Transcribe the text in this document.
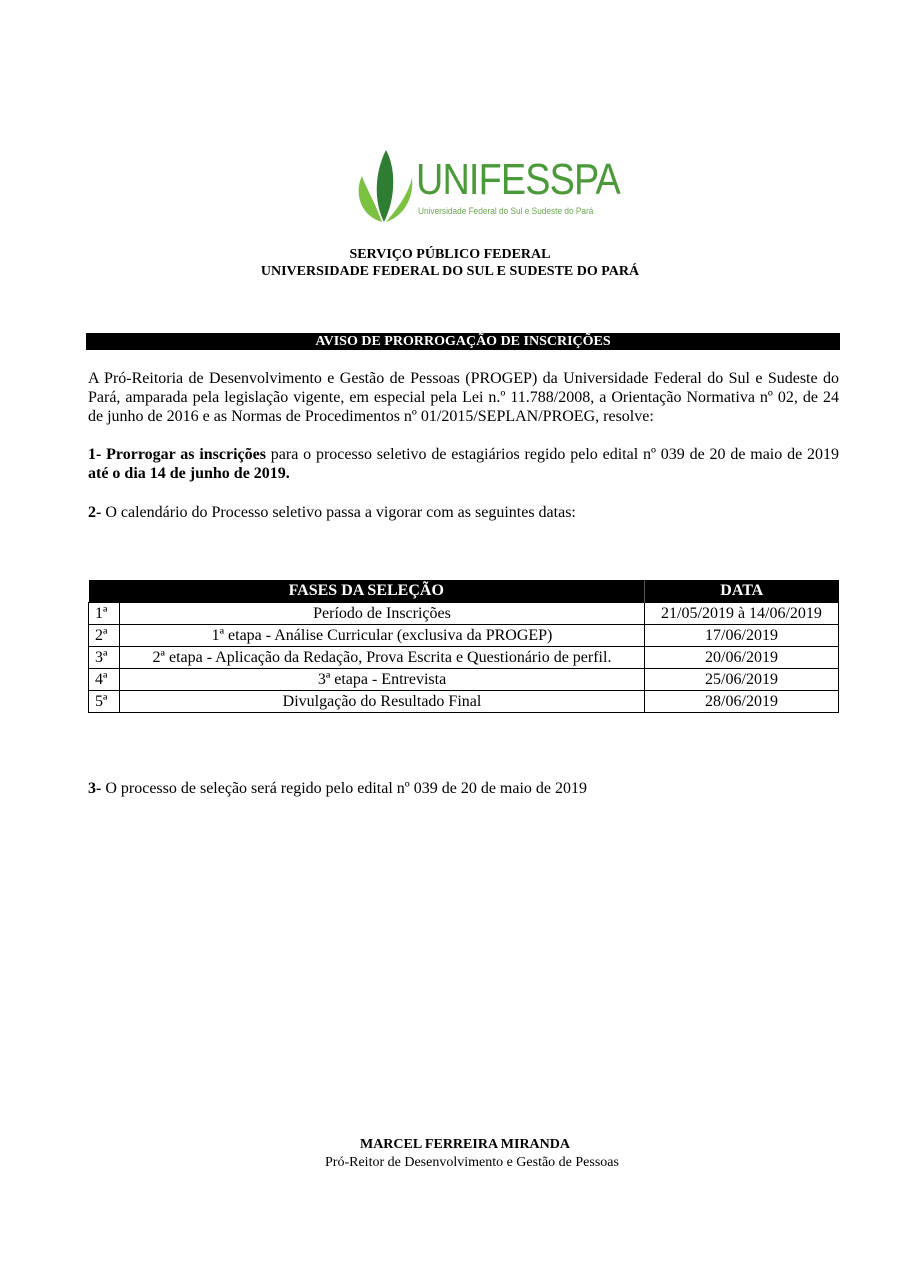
UNIFESSPA
Universidade Federal do Sul e Sudeste do Pará
SERVIÇO PÚBLICO FEDERAL
UNIVERSIDADE FEDERAL DO SUL E SUDESTE DO PARÁ
AVISO DE PRORROGAÇÃO DE INSCRIÇÕES

A Pró-Reitoria de Desenvolvimento e Gestão de Pessoas (PROGEP) da Universidade Federal do Sul e Sudeste do Pará, amparada pela legislação vigente, em especial pela Lei n.º 11.788/2008, a Orientação Normativa nº 02, de 24 de junho de 2016 e as Normas de Procedimentos nº 01/2015/SEPLAN/PROEG, resolve:

1- Prorrogar as inscrições para o processo seletivo de estagiários regido pelo edital nº 039 de 20 de maio de 2019 até o dia 14 de junho de 2019.

2- O calendário do Processo seletivo passa a vigorar com as seguintes datas:

FASES DA SELEÇÃO		DATA
1ª	Período de Inscrições	21/05/2019 à 14/06/2019
2ª	1ª etapa - Análise Curricular (exclusiva da PROGEP)	17/06/2019
3ª	2ª etapa - Aplicação da Redação, Prova Escrita e Questionário de perfil.	20/06/2019
4ª	3ª etapa - Entrevista	25/06/2019
5ª	Divulgação do Resultado Final	28/06/2019

3- O processo de seleção será regido pelo edital nº 039 de 20 de maio de 2019

MARCEL FERREIRA MIRANDA
Pró-Reitor de Desenvolvimento e Gestão de Pessoas
